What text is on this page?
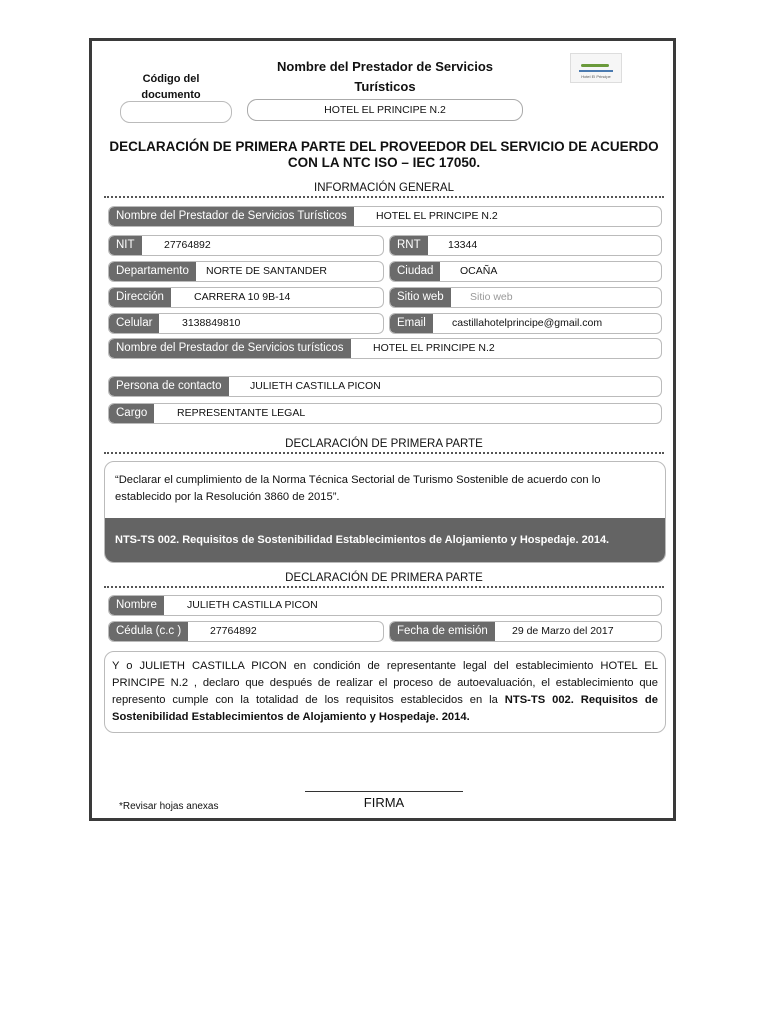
Código del documento
Nombre del Prestador de Servicios Turísticos
HOTEL EL PRINCIPE N.2
Hotel El Principe
DECLARACIÓN DE PRIMERA PARTE DEL PROVEEDOR DEL SERVICIO DE ACUERDO CON LA NTC ISO – IEC 17050.
INFORMACIÓN GENERAL
Nombre del Prestador de Servicios Turísticos	HOTEL EL PRINCIPE N.2
NIT	27764892	RNT	13344
Departamento	NORTE DE SANTANDER	Ciudad	OCAÑA
Dirección	CARRERA 10 9B-14	Sitio web	Sitio web
Celular	3138849810	Email	castillahotelprincipe@gmail.com
Nombre del Prestador de Servicios turísticos	HOTEL EL PRINCIPE N.2
Persona de contacto	JULIETH CASTILLA PICON
Cargo	REPRESENTANTE LEGAL
DECLARACIÓN DE PRIMERA PARTE
“Declarar el cumplimiento de la Norma Técnica Sectorial de Turismo Sostenible de acuerdo con lo establecido por la Resolución 3860 de 2015”.
NTS-TS 002. Requisitos de Sostenibilidad Establecimientos de Alojamiento y Hospedaje. 2014.
DECLARACIÓN DE PRIMERA PARTE
Nombre	JULIETH CASTILLA PICON
Cédula (c.c )	27764892	Fecha de emisión	29 de Marzo del 2017
Y o JULIETH CASTILLA PICON en condición de representante legal del establecimiento HOTEL EL PRINCIPE N.2 , declaro que después de realizar el proceso de autoevaluación, el establecimiento que represento cumple con la totalidad de los requisitos establecidos en la NTS-TS 002. Requisitos de Sostenibilidad Establecimientos de Alojamiento y Hospedaje. 2014.
FIRMA
*Revisar hojas anexas
